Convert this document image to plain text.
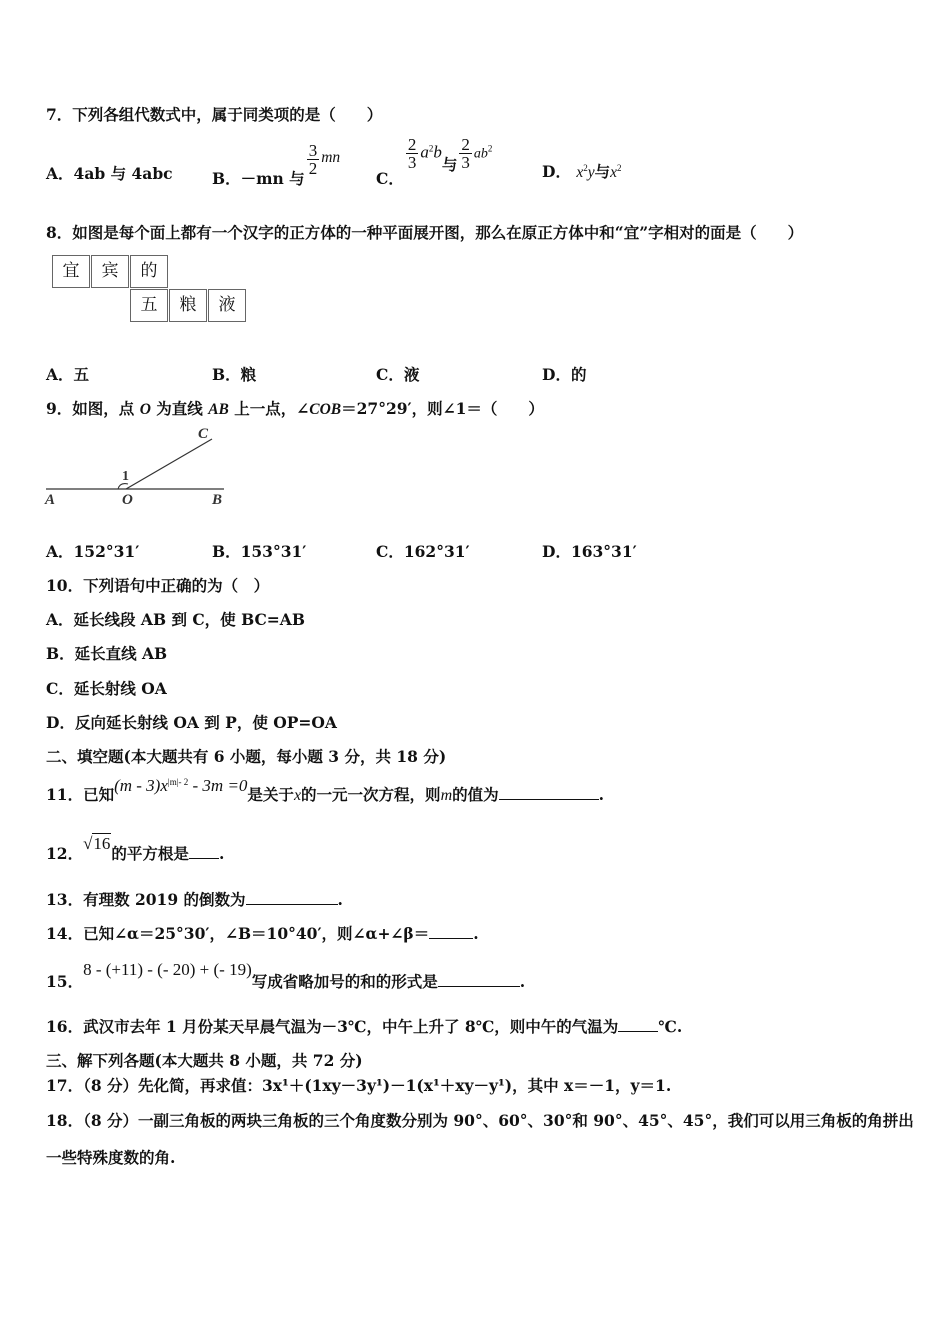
7．下列各组代数式中，属于同类项的是（　　）
A．4ab 与 4abc	B．－mn 与
$\frac{3}{2}$ mn
C．
$\frac{2}{3} a^2b$与 $\frac{2}{3} ab^2$
D． $x^2y$与$x^2$
8．如图是每个面上都有一个汉字的正方体的一种平面展开图，那么在原正方体中和“宜”字相对的面是（　　）
宜	宾	的
五	粮	液
A．五	B．粮	C．液	D．的
9．如图，点 O 为直线 AB 上一点，∠COB＝27°29′，则∠1＝（　　）
A	O	B
C
1
A．152°31′	B．153°31′	C．162°31′	D．163°31′
10．下列语句中正确的为（　）
A．延长线段 AB 到 C，使 BC=AB
B．延长直线 AB
C．延长射线 OA
D．反向延长射线 OA 到 P，使 OP=OA
二、填空题(本大题共有 6 小题，每小题 3 分，共 18 分)
11．已知$(m - 3)x^{|m|- 2} - 3m =0$是关于x的一元一次方程，则m的值为	.
12．√16的平方根是 .
13．有理数 2019 的倒数为	.
14．已知∠α＝25°30′，∠B＝10°40′，则∠α+∠β＝	.
15．8 - (+11) - (- 20) + (- 19)写成省略加号的和的形式是	.
16．武汉市去年 1 月份某天早晨气温为－3℃，中午上升了 8℃，则中午的气温为	℃.
三、解下列各题(本大题共 8 小题，共 72 分)
17．（8 分）先化简，再求值：3x¹＋(1xy－3y¹)－1(x¹＋xy－y¹)，其中 x＝－1，y＝1.
18．（8 分）一副三角板的两块三角板的三个角度数分别为 90°、60°、30°和 90°、45°、45°，我们可以用三角板的角拼出
一些特殊度数的角.
